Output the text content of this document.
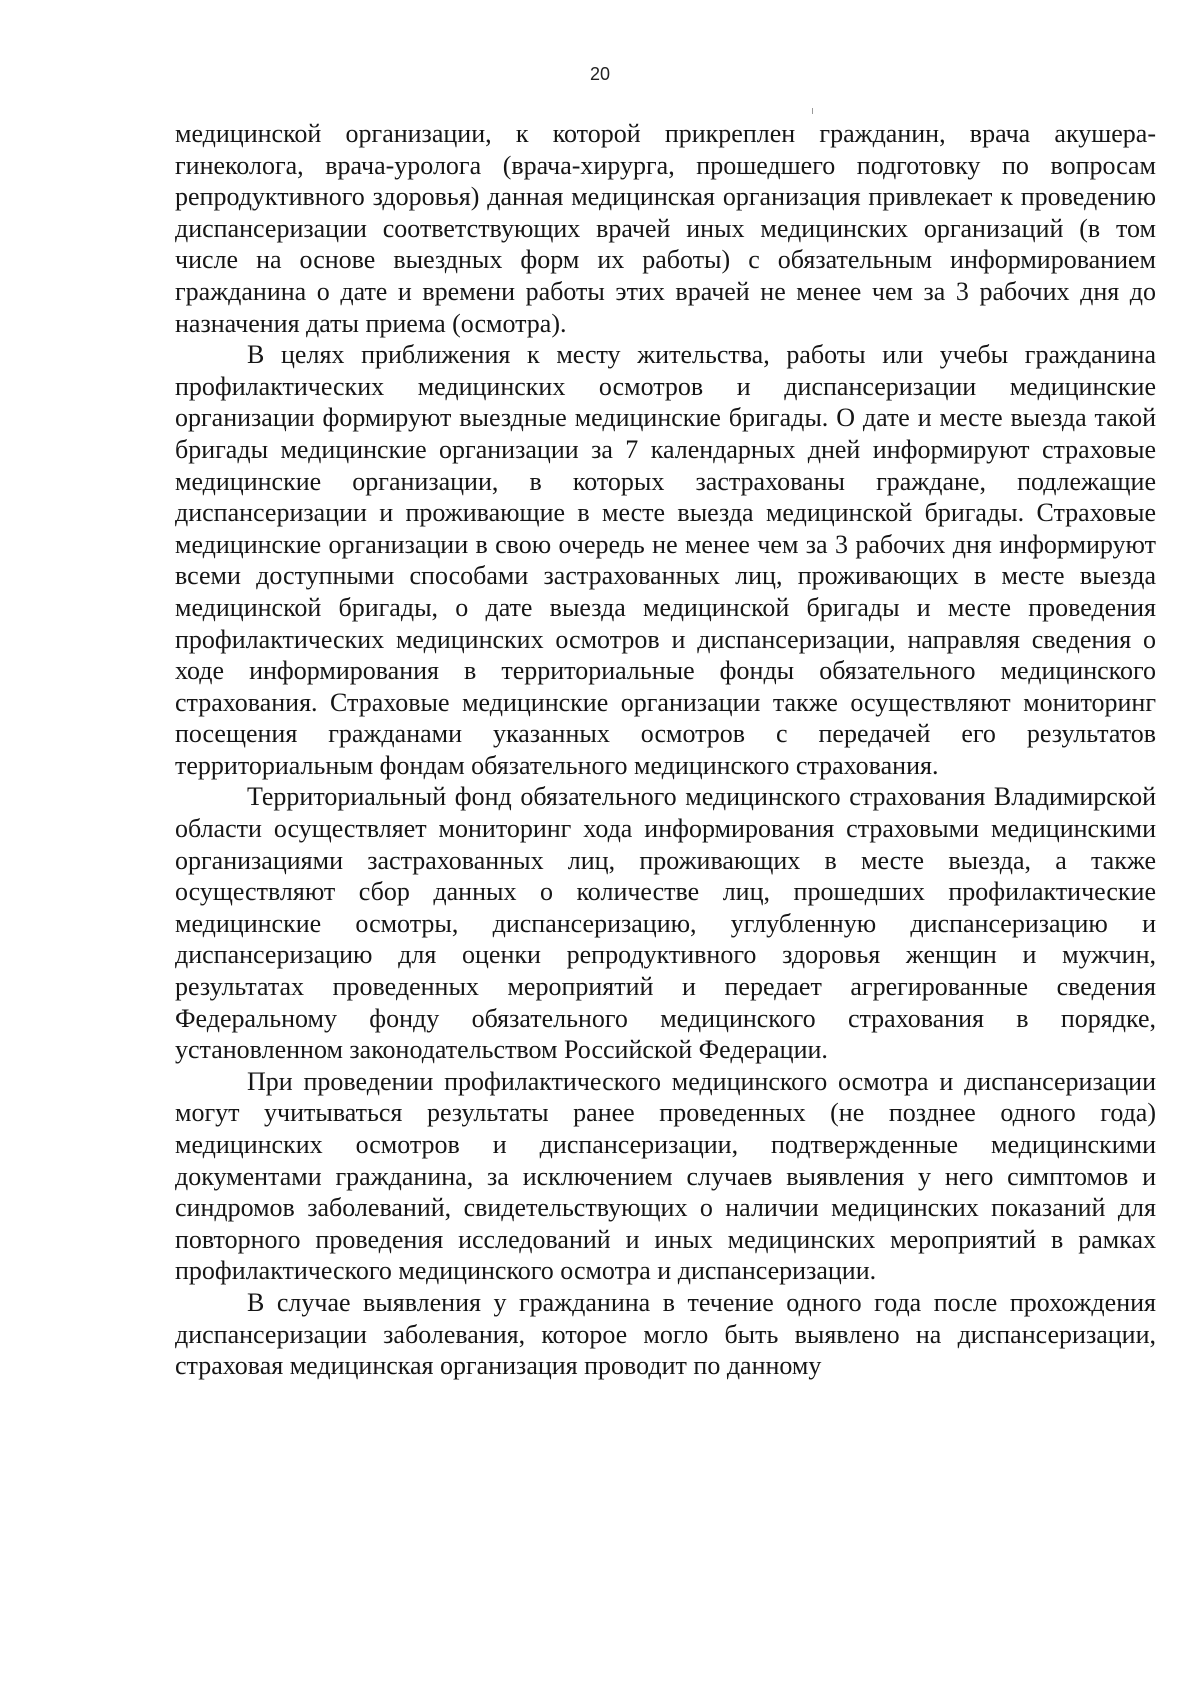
20

медицинской организации, к которой прикреплен гражданин, врача акушера-гинеколога, врача-уролога (врача-хирурга, прошедшего подготовку по вопросам репродуктивного здоровья) данная медицинская организация привлекает к проведению диспансеризации соответствующих врачей иных медицинских организаций (в том числе на основе выездных форм их работы) с обязательным информированием гражданина о дате и времени работы этих врачей не менее чем за 3 рабочих дня до назначения даты приема (осмотра).

В целях приближения к месту жительства, работы или учебы гражданина профилактических медицинских осмотров и диспансеризации медицинские организации формируют выездные медицинские бригады. О дате и месте выезда такой бригады медицинские организации за 7 календарных дней информируют страховые медицинские организации, в которых застрахованы граждане, подлежащие диспансеризации и проживающие в месте выезда медицинской бригады. Страховые медицинские организации в свою очередь не менее чем за 3 рабочих дня информируют всеми доступными способами застрахованных лиц, проживающих в месте выезда медицинской бригады, о дате выезда медицинской бригады и месте проведения профилактических медицинских осмотров и диспансеризации, направляя сведения о ходе информирования в территориальные фонды обязательного медицинского страхования. Страховые медицинские организации также осуществляют мониторинг посещения гражданами указанных осмотров с передачей его результатов территориальным фондам обязательного медицинского страхования.

Территориальный фонд обязательного медицинского страхования Владимирской области осуществляет мониторинг хода информирования страховыми медицинскими организациями застрахованных лиц, проживающих в месте выезда, а также осуществляют сбор данных о количестве лиц, прошедших профилактические медицинские осмотры, диспансеризацию, углубленную диспансеризацию и диспансеризацию для оценки репродуктивного здоровья женщин и мужчин, результатах проведенных мероприятий и передает агрегированные сведения Федеральному фонду обязательного медицинского страхования в порядке, установленном законодательством Российской Федерации.

При проведении профилактического медицинского осмотра и диспансеризации могут учитываться результаты ранее проведенных (не позднее одного года) медицинских осмотров и диспансеризации, подтвержденные медицинскими документами гражданина, за исключением случаев выявления у него симптомов и синдромов заболеваний, свидетельствующих о наличии медицинских показаний для повторного проведения исследований и иных медицинских мероприятий в рамках профилактического медицинского осмотра и диспансеризации.

В случае выявления у гражданина в течение одного года после прохождения диспансеризации заболевания, которое могло быть выявлено на диспансеризации, страховая медицинская организация проводит по данному
